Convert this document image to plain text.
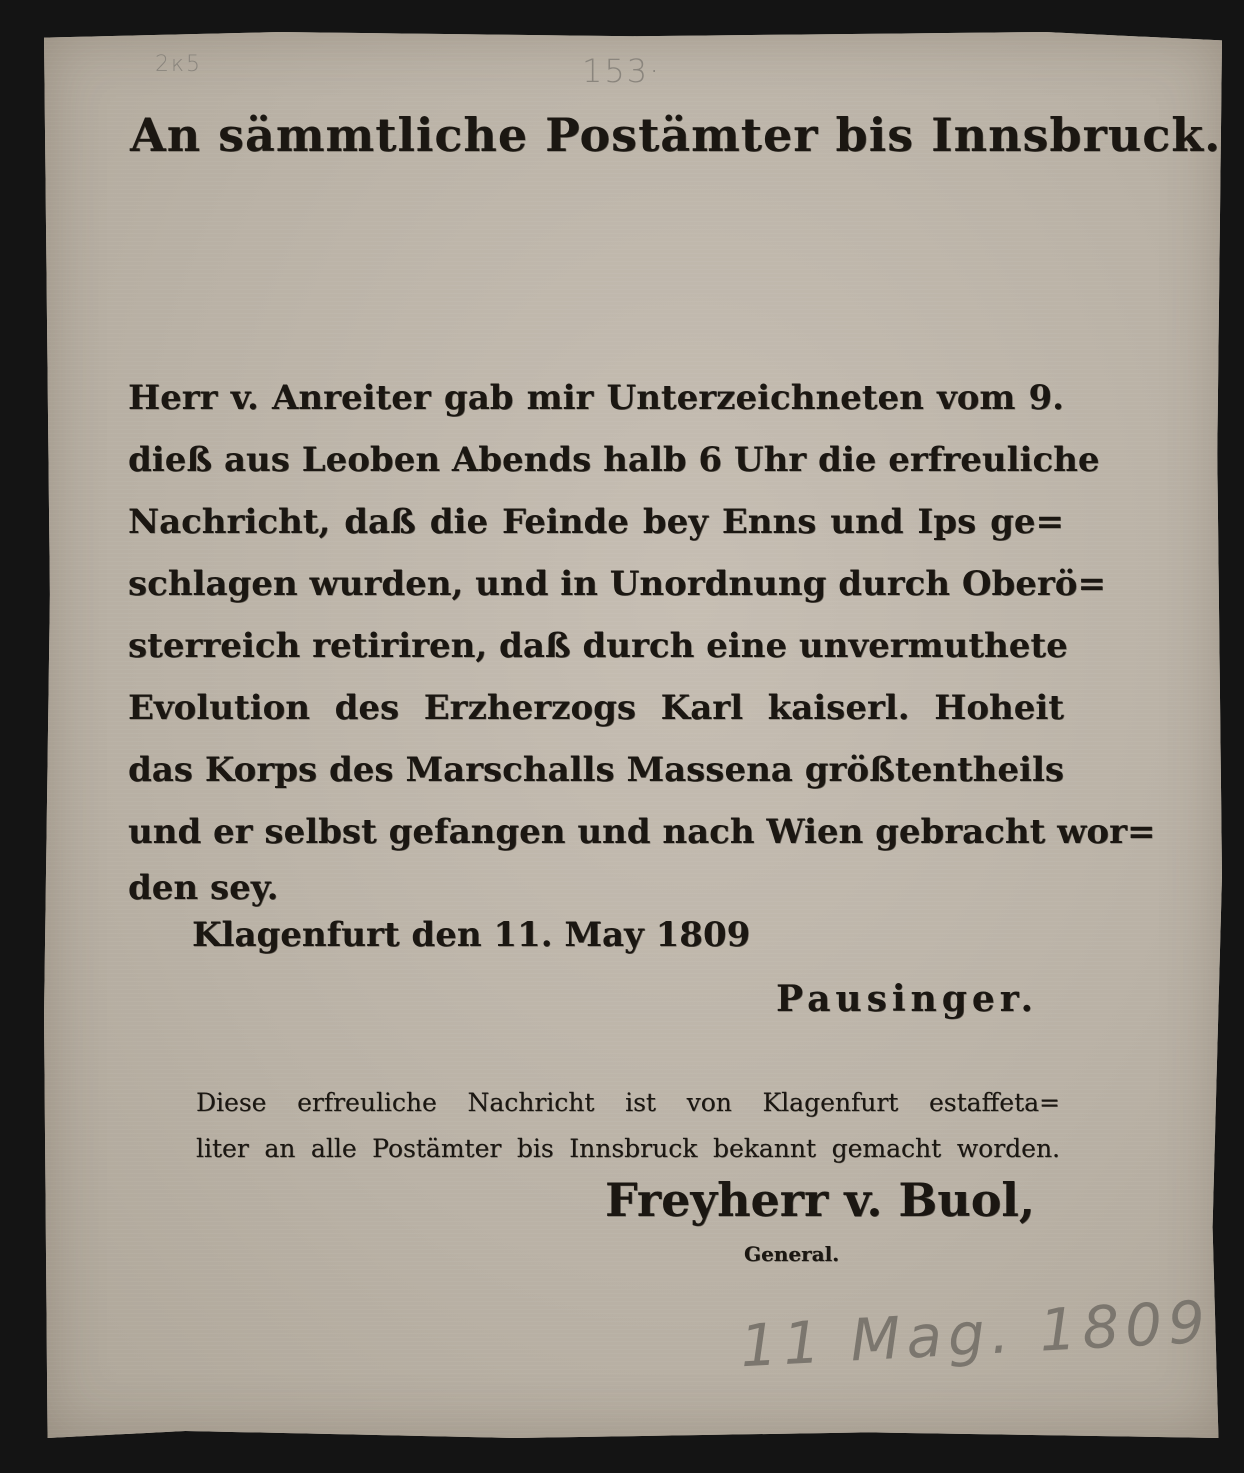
2к5	153·
An sämmtliche Postämter bis Innsbruck.
Herr v. Anreiter gab mir Unterzeichneten vom 9.
dieß aus Leoben Abends halb 6 Uhr die erfreuliche
Nachricht, daß die Feinde bey Enns und Ips ge=
schlagen wurden, und in Unordnung durch Oberö=
sterreich retiriren, daß durch eine unvermuthete
Evolution des Erzherzogs Karl kaiserl. Hoheit
das Korps des Marschalls Massena größtentheils
und er selbst gefangen und nach Wien gebracht wor=
den sey.
Klagenfurt den 11. May 1809
Pausinger.
Diese erfreuliche Nachricht ist von Klagenfurt estaffeta=
liter an alle Postämter bis Innsbruck bekannt gemacht worden.
Freyherr v. Buol,
General.
11 Mag. 1809
